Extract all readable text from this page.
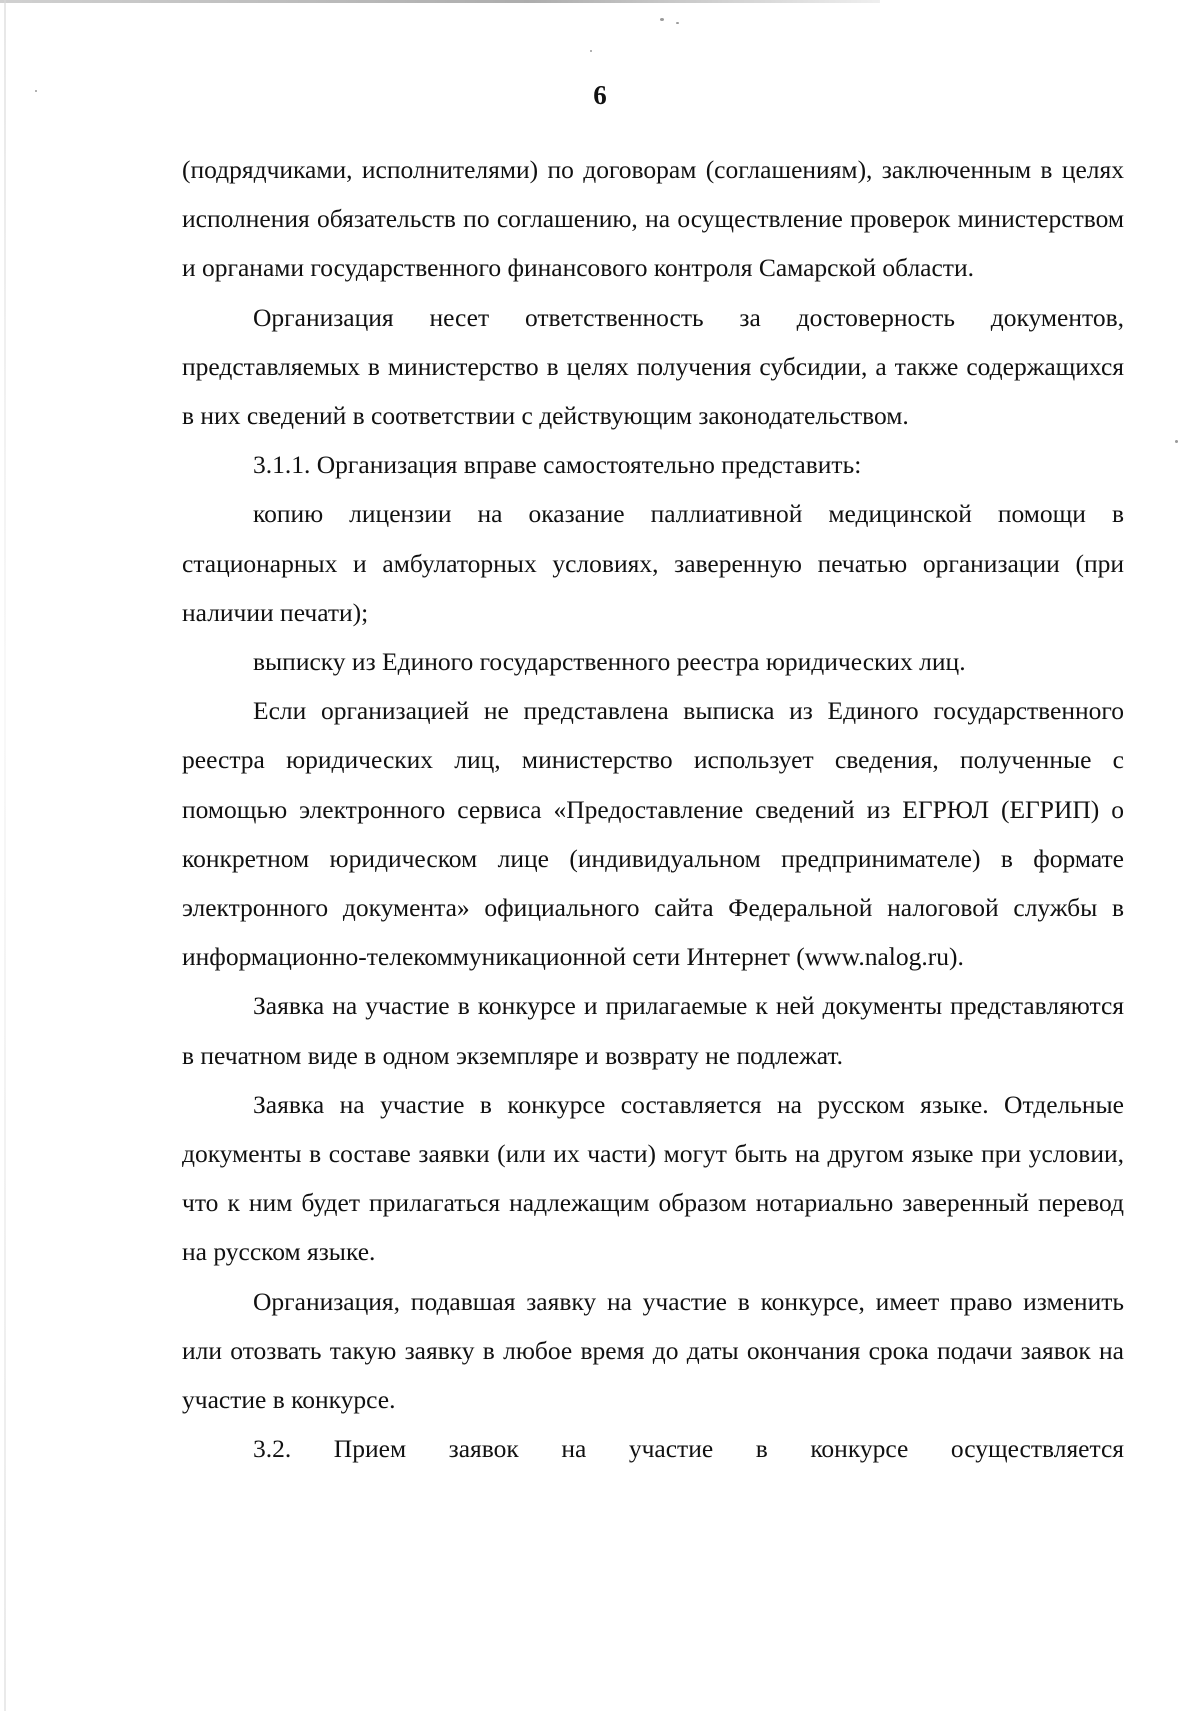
6

(подрядчиками, исполнителями) по договорам (соглашениям), заключенным в целях исполнения обязательств по соглашению, на осуществление проверок министерством и органами государственного финансового контроля Самарской области.

Организация несет ответственность за достоверность документов, представляемых в министерство в целях получения субсидии, а также содержащихся в них сведений в соответствии с действующим законодательством.

3.1.1. Организация вправе самостоятельно представить:

копию лицензии на оказание паллиативной медицинской помощи в стационарных и амбулаторных условиях, заверенную печатью организации (при наличии печати);

выписку из Единого государственного реестра юридических лиц.

Если организацией не представлена выписка из Единого государственного реестра юридических лиц, министерство использует сведения, полученные с помощью электронного сервиса «Предоставление сведений из ЕГРЮЛ (ЕГРИП) о конкретном юридическом лице (индивидуальном предпринимателе) в формате электронного документа» официального сайта Федеральной налоговой службы в информационно-телекоммуникационной сети Интернет (www.nalog.ru).

Заявка на участие в конкурсе и прилагаемые к ней документы представляются в печатном виде в одном экземпляре и возврату не подлежат.

Заявка на участие в конкурсе составляется на русском языке. Отдельные документы в составе заявки (или их части) могут быть на другом языке при условии, что к ним будет прилагаться надлежащим образом нотариально заверенный перевод на русском языке.

Организация, подавшая заявку на участие в конкурсе, имеет право изменить или отозвать такую заявку в любое время до даты окончания срока подачи заявок на участие в конкурсе.

3.2. Прием заявок на участие в конкурсе осуществляется
